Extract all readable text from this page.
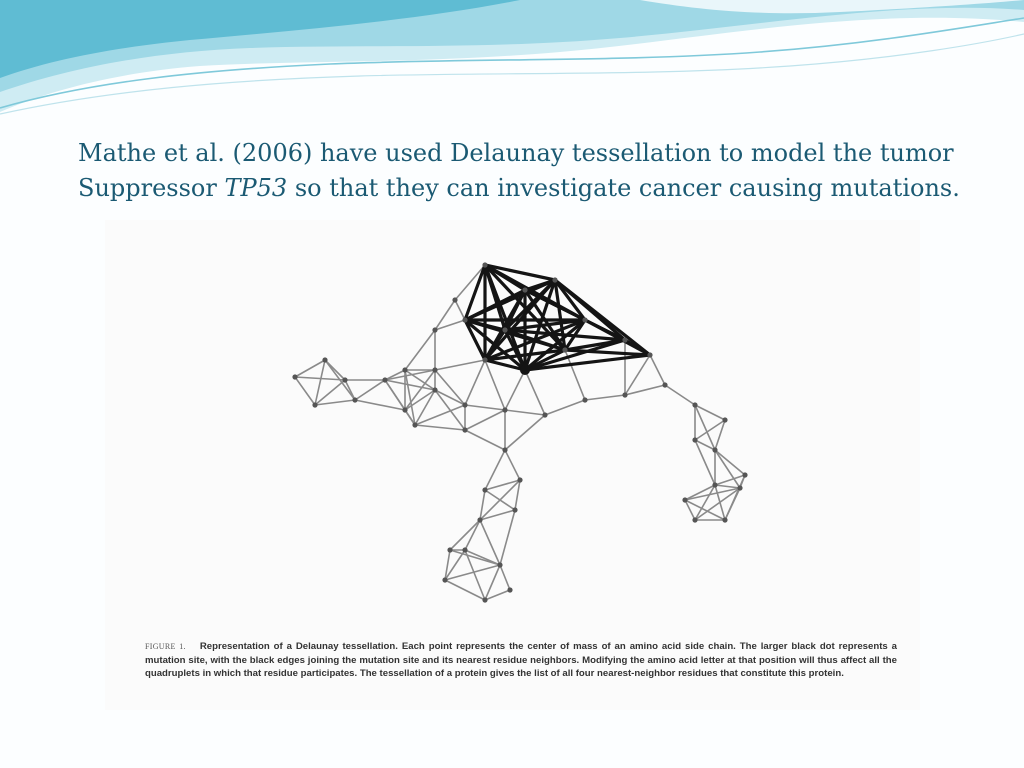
Mathe et al. (2006) have used Delaunay tessellation to model the tumor Suppressor TP53 so that they can investigate cancer causing mutations.

FIGURE 1. Representation of a Delaunay tessellation. Each point represents the center of mass of an amino acid side chain. The larger black dot represents a mutation site, with the black edges joining the mutation site and its nearest residue neighbors. Modifying the amino acid letter at that position will thus affect all the quadruplets in which that residue participates. The tessellation of a protein gives the list of all four nearest-neighbor residues that constitute this protein.
